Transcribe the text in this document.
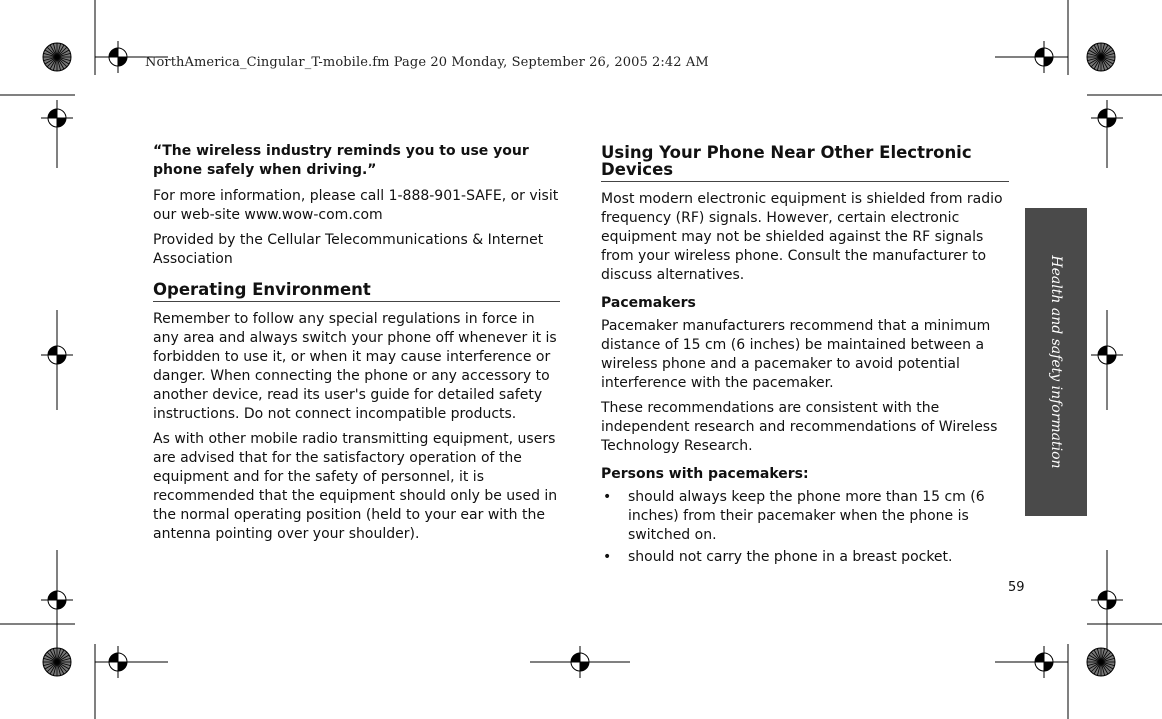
NorthAmerica_Cingular_T-mobile.fm Page 20 Monday, September 26, 2005 2:42 AM

“The wireless industry reminds you to use your phone safely when driving.”

For more information, please call 1-888-901-SAFE, or visit our web-site www.wow-com.com

Provided by the Cellular Telecommunications & Internet Association

Operating Environment

Remember to follow any special regulations in force in any area and always switch your phone off whenever it is forbidden to use it, or when it may cause interference or danger. When connecting the phone or any accessory to another device, read its user's guide for detailed safety instructions. Do not connect incompatible products.

As with other mobile radio transmitting equipment, users are advised that for the satisfactory operation of the equipment and for the safety of personnel, it is recommended that the equipment should only be used in the normal operating position (held to your ear with the antenna pointing over your shoulder).

Using Your Phone Near Other Electronic Devices

Most modern electronic equipment is shielded from radio frequency (RF) signals. However, certain electronic equipment may not be shielded against the RF signals from your wireless phone. Consult the manufacturer to discuss alternatives.

Pacemakers

Pacemaker manufacturers recommend that a minimum distance of 15 cm (6 inches) be maintained between a wireless phone and a pacemaker to avoid potential interference with the pacemaker.

These recommendations are consistent with the independent research and recommendations of Wireless Technology Research.

Persons with pacemakers:
• should always keep the phone more than 15 cm (6 inches) from their pacemaker when the phone is switched on.
• should not carry the phone in a breast pocket.
Health and safety information
59
